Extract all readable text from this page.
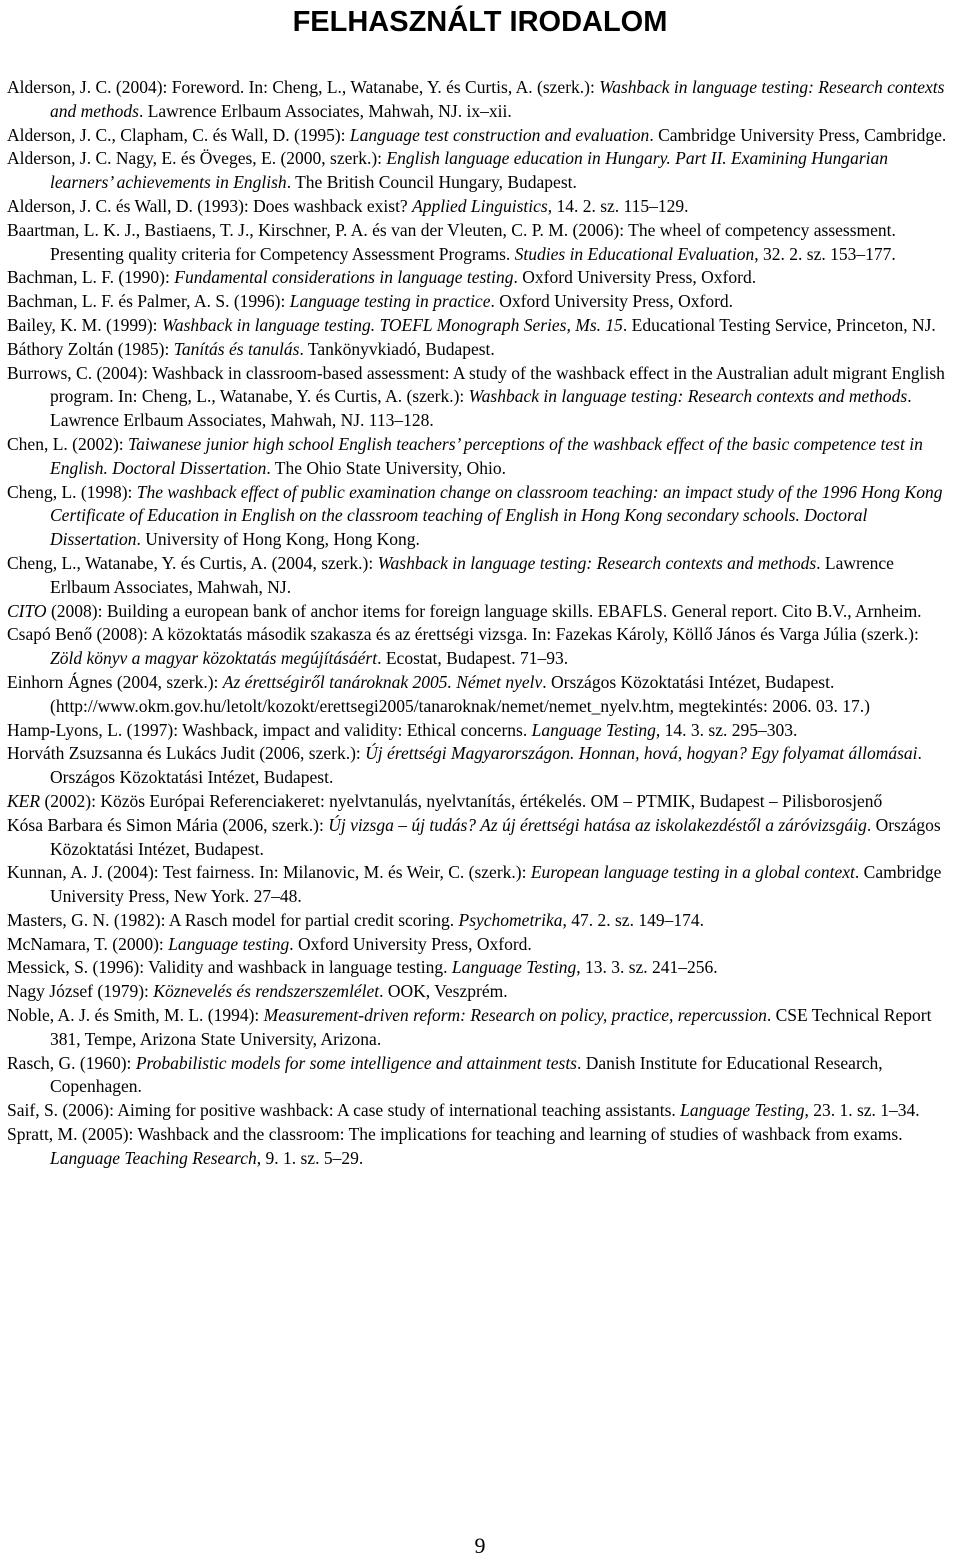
FELHASZNÁLT IRODALOM
Alderson, J. C. (2004): Foreword. In: Cheng, L., Watanabe, Y. és Curtis, A. (szerk.): Washback in language testing: Research contexts and methods. Lawrence Erlbaum Associates, Mahwah, NJ. ix–xii.
Alderson, J. C., Clapham, C. és Wall, D. (1995): Language test construction and evaluation. Cambridge University Press, Cambridge.
Alderson, J. C. Nagy, E. és Öveges, E. (2000, szerk.): English language education in Hungary. Part II. Examining Hungarian learners’ achievements in English. The British Council Hungary, Budapest.
Alderson, J. C. és Wall, D. (1993): Does washback exist? Applied Linguistics, 14. 2. sz. 115–129.
Baartman, L. K. J., Bastiaens, T. J., Kirschner, P. A. és van der Vleuten, C. P. M. (2006): The wheel of competency assessment. Presenting quality criteria for Competency Assessment Programs. Studies in Educational Evaluation, 32. 2. sz. 153–177.
Bachman, L. F. (1990): Fundamental considerations in language testing. Oxford University Press, Oxford.
Bachman, L. F. és Palmer, A. S. (1996): Language testing in practice. Oxford University Press, Oxford.
Bailey, K. M. (1999): Washback in language testing. TOEFL Monograph Series, Ms. 15. Educational Testing Service, Princeton, NJ.
Báthory Zoltán (1985): Tanítás és tanulás. Tankönyvkiadó, Budapest.
Burrows, C. (2004): Washback in classroom-based assessment: A study of the washback effect in the Australian adult migrant English program. In: Cheng, L., Watanabe, Y. és Curtis, A. (szerk.): Washback in language testing: Research contexts and methods. Lawrence Erlbaum Associates, Mahwah, NJ. 113–128.
Chen, L. (2002): Taiwanese junior high school English teachers’ perceptions of the washback effect of the basic competence test in English. Doctoral Dissertation. The Ohio State University, Ohio.
Cheng, L. (1998): The washback effect of public examination change on classroom teaching: an impact study of the 1996 Hong Kong Certificate of Education in English on the classroom teaching of English in Hong Kong secondary schools. Doctoral Dissertation. University of Hong Kong, Hong Kong.
Cheng, L., Watanabe, Y. és Curtis, A. (2004, szerk.): Washback in language testing: Research contexts and methods. Lawrence Erlbaum Associates, Mahwah, NJ.
CITO (2008): Building a european bank of anchor items for foreign language skills. EBAFLS. General report. Cito B.V., Arnheim.
Csapó Benő (2008): A közoktatás második szakasza és az érettségi vizsga. In: Fazekas Károly, Köllő János és Varga Júlia (szerk.): Zöld könyv a magyar közoktatás megújításáért. Ecostat, Budapest. 71–93.
Einhorn Ágnes (2004, szerk.): Az érettségiről tanároknak 2005. Német nyelv. Országos Közoktatási Intézet, Budapest. (http://www.okm.gov.hu/letolt/kozokt/erettsegi2005/tanaroknak/nemet/nemet_nyelv.htm, megtekintés: 2006. 03. 17.)
Hamp-Lyons, L. (1997): Washback, impact and validity: Ethical concerns. Language Testing, 14. 3. sz. 295–303.
Horváth Zsuzsanna és Lukács Judit (2006, szerk.): Új érettségi Magyarországon. Honnan, hová, hogyan? Egy folyamat állomásai. Országos Közoktatási Intézet, Budapest.
KER (2002): Közös Európai Referenciakeret: nyelvtanulás, nyelvtanítás, értékelés. OM – PTMIK, Budapest – Pilisborosjenő
Kósa Barbara és Simon Mária (2006, szerk.): Új vizsga – új tudás? Az új érettségi hatása az iskolakezdéstől a záróvizsgáig. Országos Közoktatási Intézet, Budapest.
Kunnan, A. J. (2004): Test fairness. In: Milanovic, M. és Weir, C. (szerk.): European language testing in a global context. Cambridge University Press, New York. 27–48.
Masters, G. N. (1982): A Rasch model for partial credit scoring. Psychometrika, 47. 2. sz. 149–174.
McNamara, T. (2000): Language testing. Oxford University Press, Oxford.
Messick, S. (1996): Validity and washback in language testing. Language Testing, 13. 3. sz. 241–256.
Nagy József (1979): Köznevelés és rendszerszemlélet. OOK, Veszprém.
Noble, A. J. és Smith, M. L. (1994): Measurement-driven reform: Research on policy, practice, repercussion. CSE Technical Report 381, Tempe, Arizona State University, Arizona.
Rasch, G. (1960): Probabilistic models for some intelligence and attainment tests. Danish Institute for Educational Research, Copenhagen.
Saif, S. (2006): Aiming for positive washback: A case study of international teaching assistants. Language Testing, 23. 1. sz. 1–34.
Spratt, M. (2005): Washback and the classroom: The implications for teaching and learning of studies of washback from exams. Language Teaching Research, 9. 1. sz. 5–29.
9
